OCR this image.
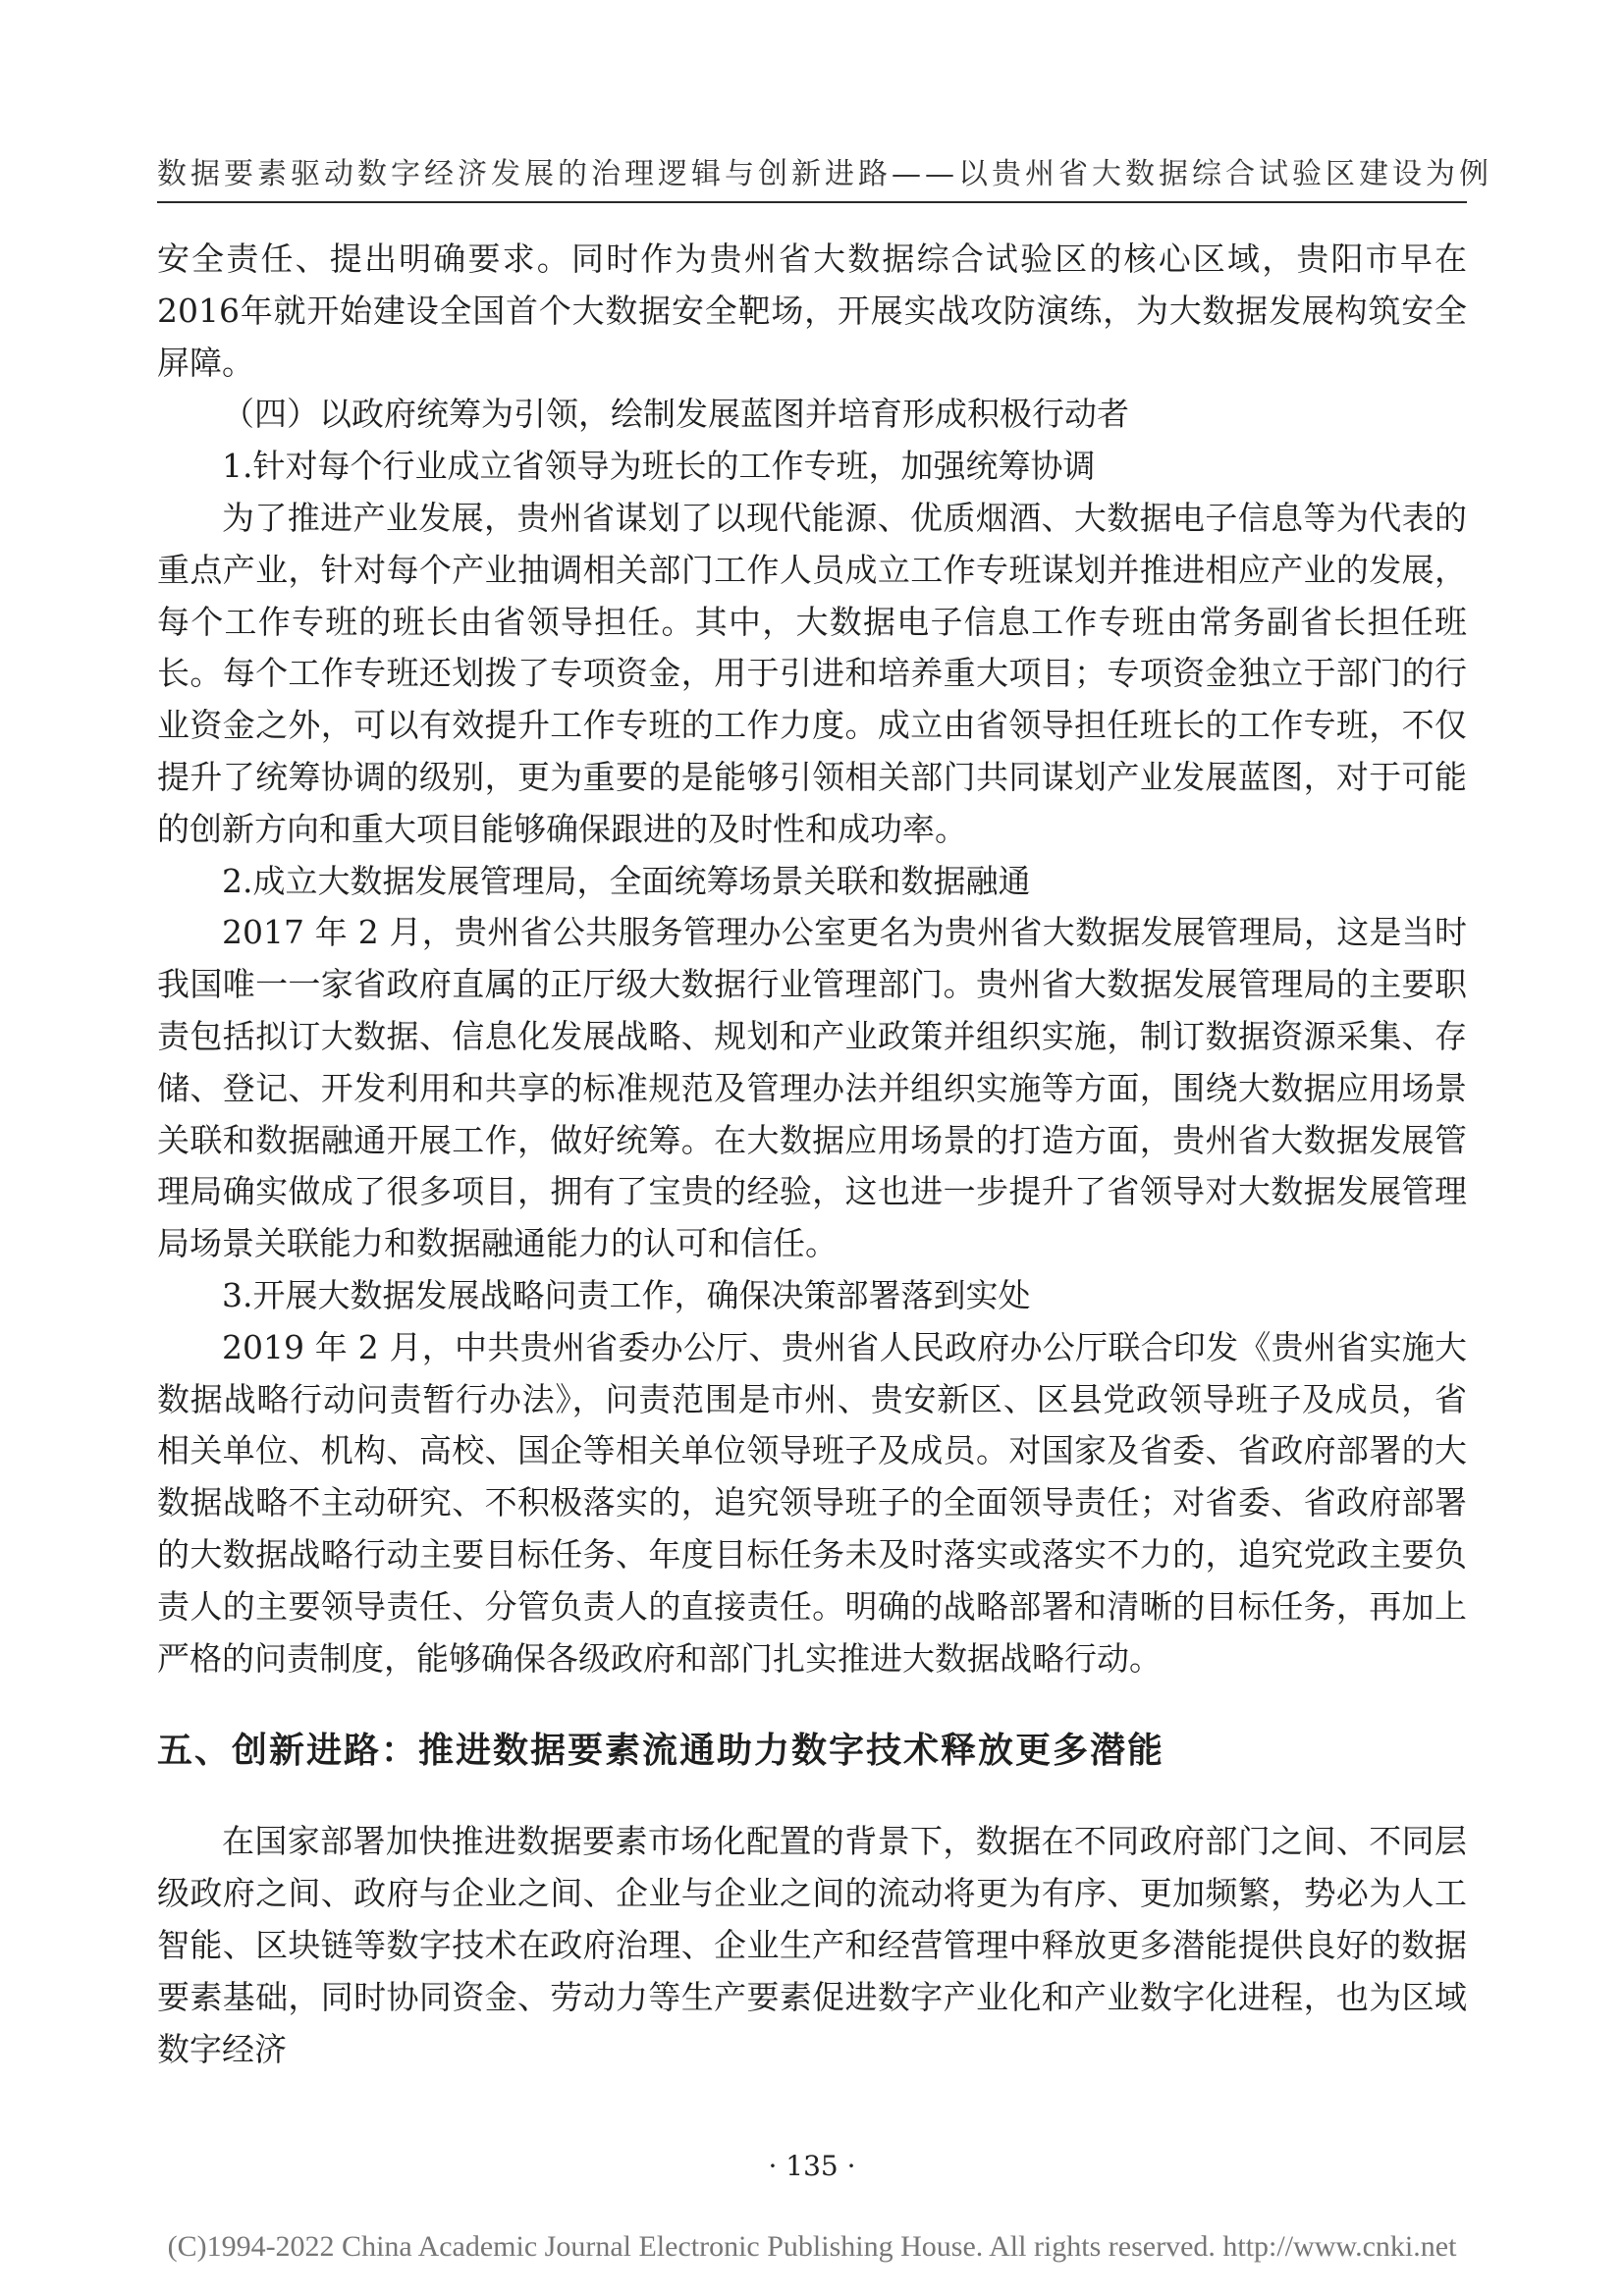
数据要素驱动数字经济发展的治理逻辑与创新进路——以贵州省大数据综合试验区建设为例

安全责任、提出明确要求。同时作为贵州省大数据综合试验区的核心区域，贵阳市早在2016年就开始建设全国首个大数据安全靶场，开展实战攻防演练，为大数据发展构筑安全屏障。

（四）以政府统筹为引领，绘制发展蓝图并培育形成积极行动者

1.针对每个行业成立省领导为班长的工作专班，加强统筹协调

为了推进产业发展，贵州省谋划了以现代能源、优质烟酒、大数据电子信息等为代表的重点产业，针对每个产业抽调相关部门工作人员成立工作专班谋划并推进相应产业的发展，每个工作专班的班长由省领导担任。其中，大数据电子信息工作专班由常务副省长担任班长。每个工作专班还划拨了专项资金，用于引进和培养重大项目；专项资金独立于部门的行业资金之外，可以有效提升工作专班的工作力度。成立由省领导担任班长的工作专班，不仅提升了统筹协调的级别，更为重要的是能够引领相关部门共同谋划产业发展蓝图，对于可能的创新方向和重大项目能够确保跟进的及时性和成功率。

2.成立大数据发展管理局，全面统筹场景关联和数据融通

2017 年 2 月，贵州省公共服务管理办公室更名为贵州省大数据发展管理局，这是当时我国唯一一家省政府直属的正厅级大数据行业管理部门。贵州省大数据发展管理局的主要职责包括拟订大数据、信息化发展战略、规划和产业政策并组织实施，制订数据资源采集、存储、登记、开发利用和共享的标准规范及管理办法并组织实施等方面，围绕大数据应用场景关联和数据融通开展工作，做好统筹。在大数据应用场景的打造方面，贵州省大数据发展管理局确实做成了很多项目，拥有了宝贵的经验，这也进一步提升了省领导对大数据发展管理局场景关联能力和数据融通能力的认可和信任。

3.开展大数据发展战略问责工作，确保决策部署落到实处

2019 年 2 月，中共贵州省委办公厅、贵州省人民政府办公厅联合印发《贵州省实施大数据战略行动问责暂行办法》，问责范围是市州、贵安新区、区县党政领导班子及成员，省相关单位、机构、高校、国企等相关单位领导班子及成员。对国家及省委、省政府部署的大数据战略不主动研究、不积极落实的，追究领导班子的全面领导责任；对省委、省政府部署的大数据战略行动主要目标任务、年度目标任务未及时落实或落实不力的，追究党政主要负责人的主要领导责任、分管负责人的直接责任。明确的战略部署和清晰的目标任务，再加上严格的问责制度，能够确保各级政府和部门扎实推进大数据战略行动。

五、创新进路：推进数据要素流通助力数字技术释放更多潜能

在国家部署加快推进数据要素市场化配置的背景下，数据在不同政府部门之间、不同层级政府之间、政府与企业之间、企业与企业之间的流动将更为有序、更加频繁，势必为人工智能、区块链等数字技术在政府治理、企业生产和经营管理中释放更多潜能提供良好的数据要素基础，同时协同资金、劳动力等生产要素促进数字产业化和产业数字化进程，也为区域数字经济

· 135 ·
(C)1994-2022 China Academic Journal Electronic Publishing House. All rights reserved. http://www.cnki.net
